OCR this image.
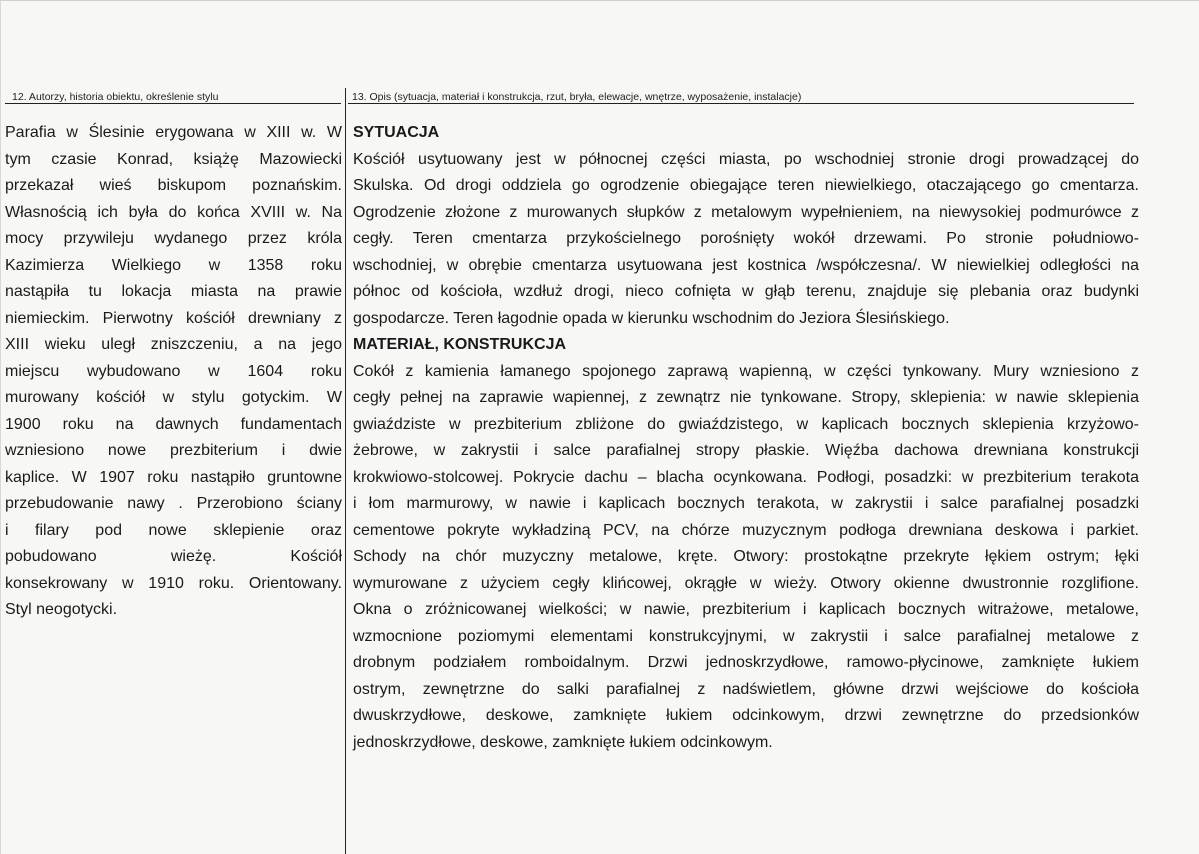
12. Autorzy, historia obiektu, określenie stylu	13. Opis (sytuacja, materiał i konstrukcja, rzut, bryła, elewacje, wnętrze, wyposażenie, instalacje)
Parafia w Ślesinie erygowana w XIII w. W
tym czasie Konrad, książę Mazowiecki
przekazał wieś biskupom poznańskim.
Własnością ich była do końca XVIII w. Na
mocy przywileju wydanego przez króla
Kazimierza Wielkiego w 1358 roku
nastąpiła tu lokacja miasta na prawie
niemieckim. Pierwotny kościół drewniany z
XIII wieku uległ zniszczeniu, a na jego
miejscu wybudowano w 1604 roku
murowany kościół w stylu gotyckim. W
1900 roku na dawnych fundamentach
wzniesiono nowe prezbiterium i dwie
kaplice. W 1907 roku nastąpiło gruntowne
przebudowanie nawy . Przerobiono ściany
i filary pod nowe sklepienie oraz
pobudowano wieżę. Kościół
konsekrowany w 1910 roku. Orientowany.
Styl neogotycki.
SYTUACJA
Kościół usytuowany jest w północnej części miasta, po wschodniej stronie drogi prowadzącej do
Skulska. Od drogi oddziela go ogrodzenie obiegające teren niewielkiego, otaczającego go cmentarza.
Ogrodzenie złożone z murowanych słupków z metalowym wypełnieniem, na niewysokiej podmurówce z
cegły. Teren cmentarza przykościelnego porośnięty wokół drzewami. Po stronie południowo-
wschodniej, w obrębie cmentarza usytuowana jest kostnica /współczesna/. W niewielkiej odległości na
północ od kościoła, wzdłuż drogi, nieco cofnięta w głąb terenu, znajduje się plebania oraz budynki
gospodarcze. Teren łagodnie opada w kierunku wschodnim do Jeziora Ślesińskiego.
MATERIAŁ, KONSTRUKCJA
Cokół z kamienia łamanego spojonego zaprawą wapienną, w części tynkowany. Mury wzniesiono z
cegły pełnej na zaprawie wapiennej, z zewnątrz nie tynkowane. Stropy, sklepienia: w nawie sklepienia
gwiaździste w prezbiterium zbliżone do gwiaździstego, w kaplicach bocznych sklepienia krzyżowo-
żebrowe, w zakrystii i salce parafialnej stropy płaskie. Więźba dachowa drewniana konstrukcji
krokwiowo-stolcowej. Pokrycie dachu – blacha ocynkowana. Podłogi, posadzki: w prezbiterium terakota
i łom marmurowy, w nawie i kaplicach bocznych terakota, w zakrystii i salce parafialnej posadzki
cementowe pokryte wykładziną PCV, na chórze muzycznym podłoga drewniana deskowa i parkiet.
Schody na chór muzyczny metalowe, kręte. Otwory: prostokątne przekryte łękiem ostrym; łęki
wymurowane z użyciem cegły klińcowej, okrągłe w wieży. Otwory okienne dwustronnie rozglifione.
Okna o zróżnicowanej wielkości; w nawie, prezbiterium i kaplicach bocznych witrażowe, metalowe,
wzmocnione poziomymi elementami konstrukcyjnymi, w zakrystii i salce parafialnej metalowe z
drobnym podziałem romboidalnym. Drzwi jednoskrzydłowe, ramowo-płycinowe, zamknięte łukiem
ostrym, zewnętrzne do salki parafialnej z nadświetlem, główne drzwi wejściowe do kościoła
dwuskrzydłowe, deskowe, zamknięte łukiem odcinkowym, drzwi zewnętrzne do przedsionków
jednoskrzydłowe, deskowe, zamknięte łukiem odcinkowym.
